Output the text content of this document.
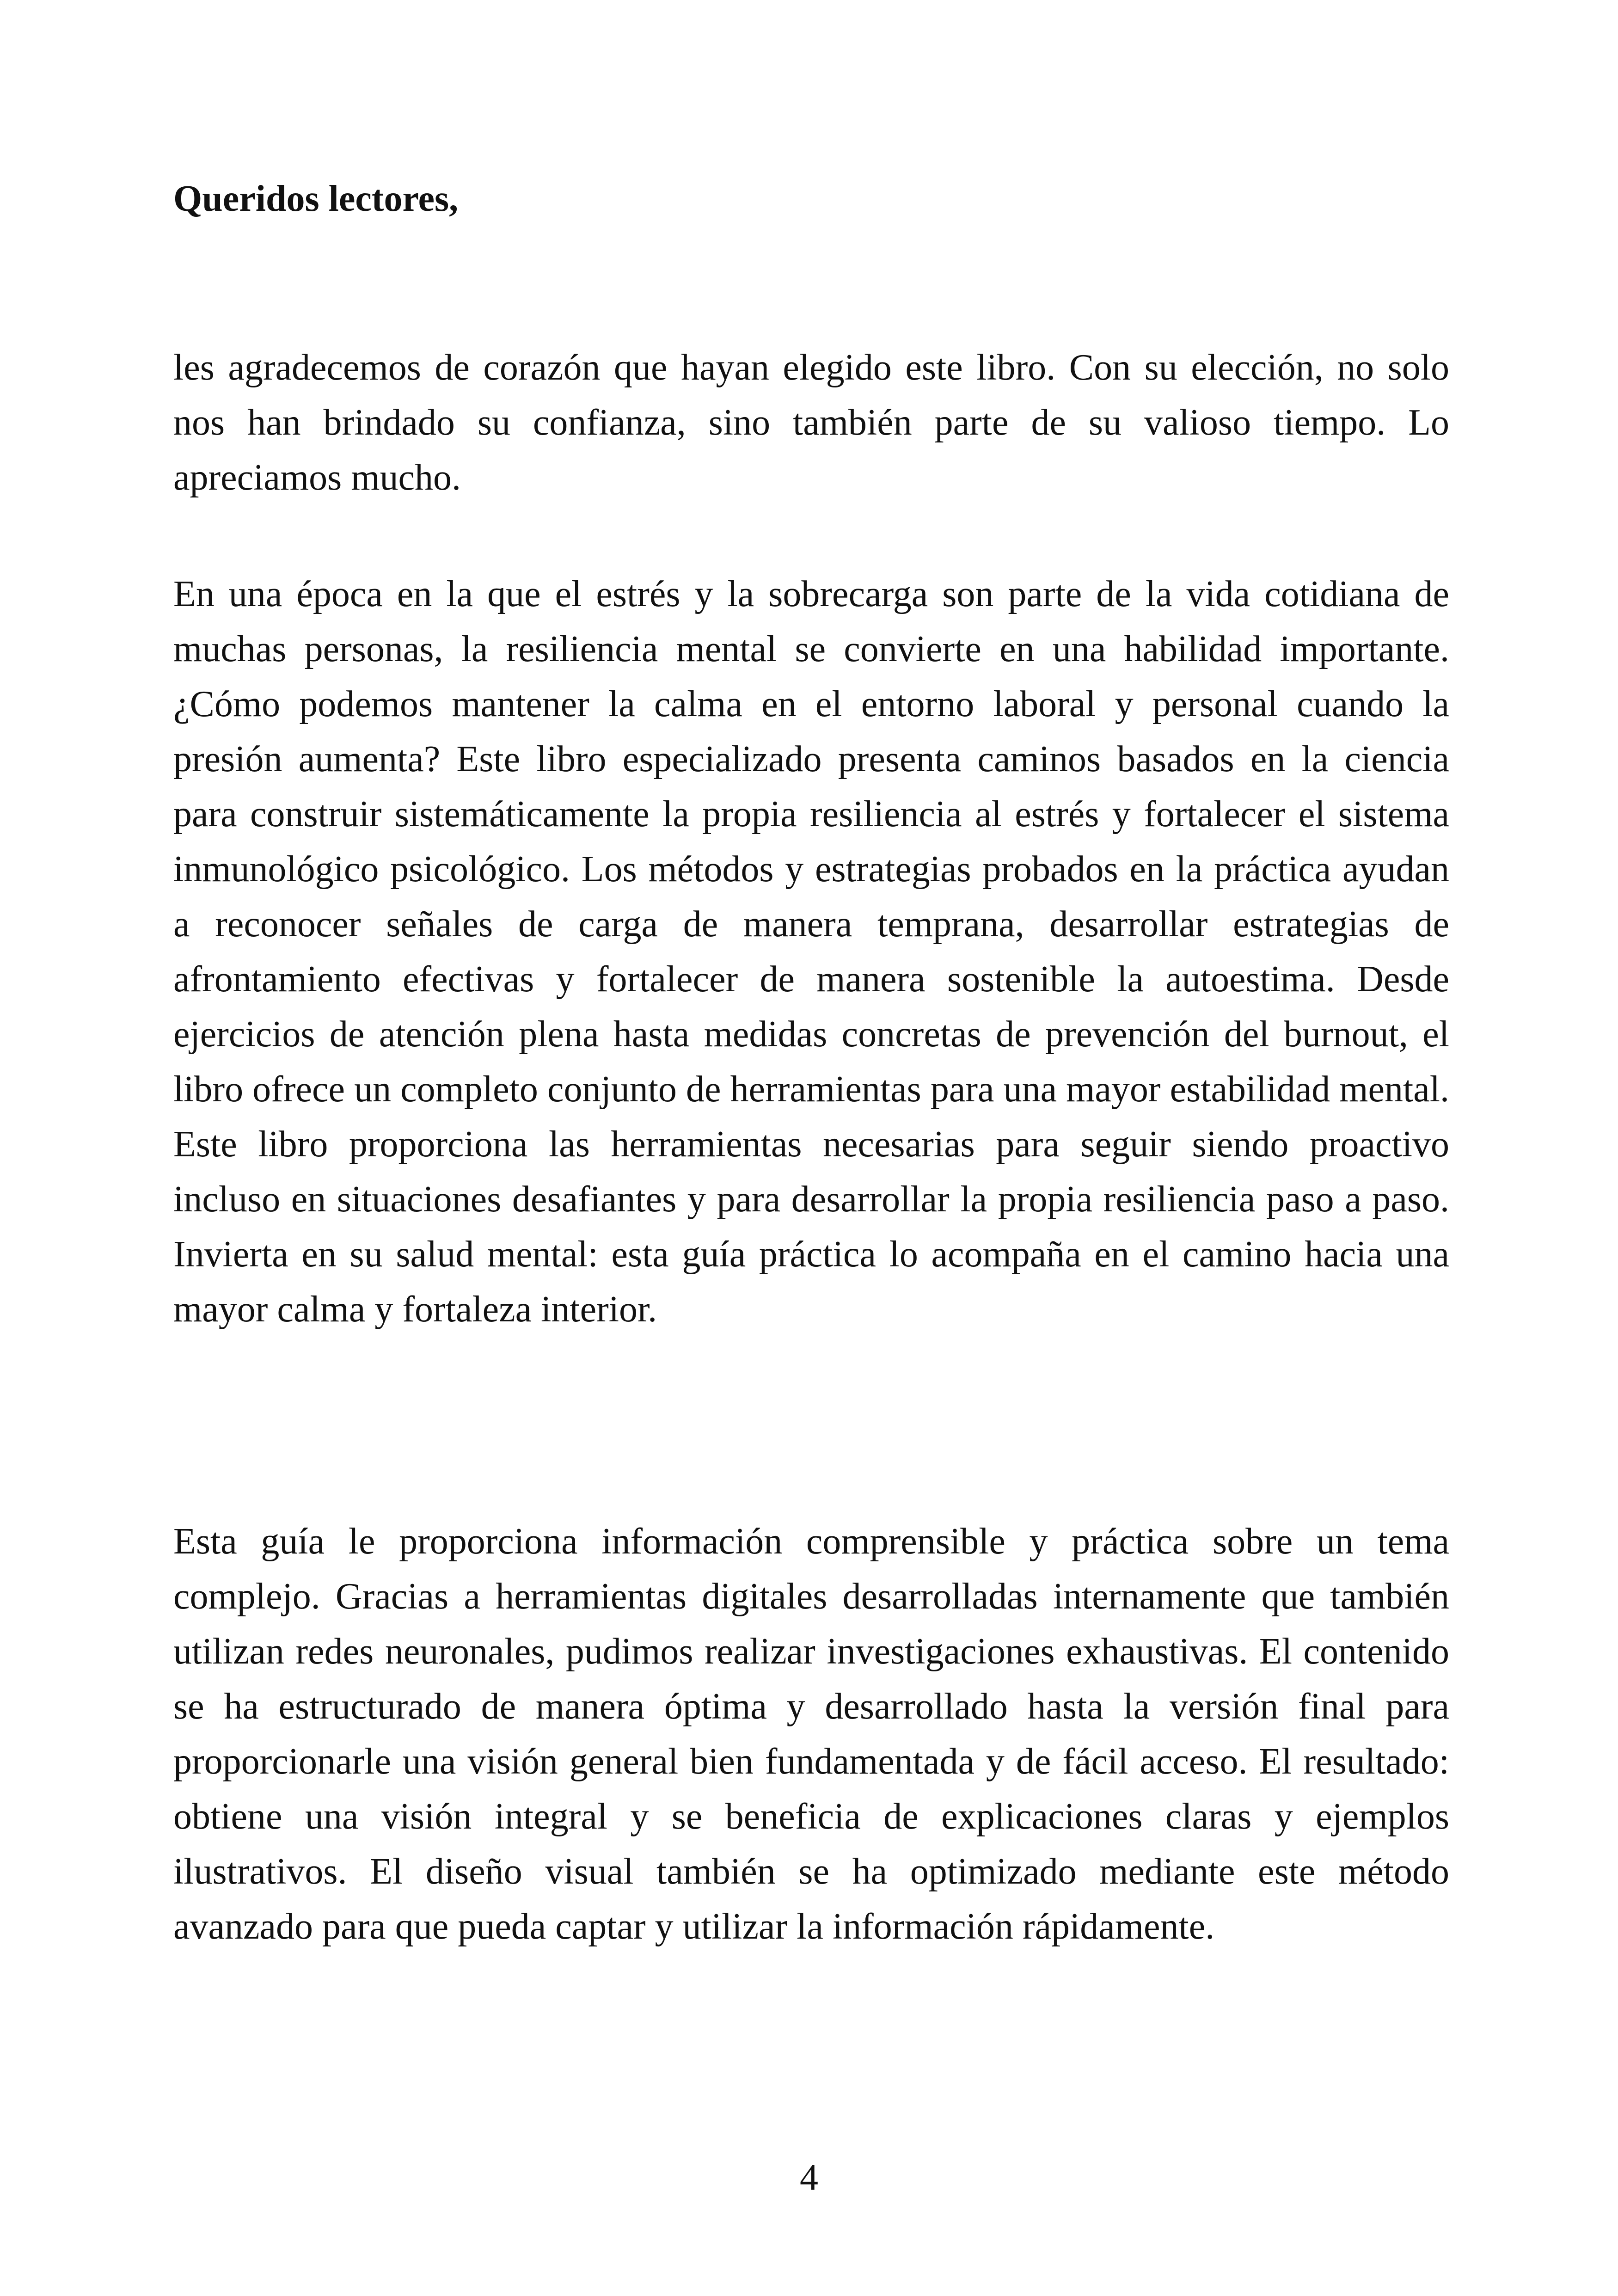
Queridos lectores,

les agradecemos de corazón que hayan elegido este libro. Con su elección, no solo nos han brindado su confianza, sino también parte de su valioso tiempo. Lo apreciamos mucho.

En una época en la que el estrés y la sobrecarga son parte de la vida cotidiana de muchas personas, la resiliencia mental se convierte en una habilidad importante. ¿Cómo podemos mantener la calma en el entorno laboral y personal cuando la presión aumenta? Este libro especializado presenta caminos basados en la ciencia para construir sistemáticamente la propia resiliencia al estrés y fortalecer el sistema inmunológico psicológico. Los métodos y estrategias probados en la práctica ayudan a reconocer señales de carga de manera temprana, desarrollar estrategias de afrontamiento efectivas y fortalecer de manera sostenible la autoestima. Desde ejercicios de atención plena hasta medidas concretas de prevención del burnout, el libro ofrece un completo conjunto de herramientas para una mayor estabilidad mental. Este libro proporciona las herramientas necesarias para seguir siendo proactivo incluso en situaciones desafiantes y para desarrollar la propia resiliencia paso a paso. Invierta en su salud mental: esta guía práctica lo acompaña en el camino hacia una mayor calma y fortaleza interior.

Esta guía le proporciona información comprensible y práctica sobre un tema complejo. Gracias a herramientas digitales desarrolladas internamente que también utilizan redes neuronales, pudimos realizar investigaciones exhaustivas. El contenido se ha estructurado de manera óptima y desarrollado hasta la versión final para proporcionarle una visión general bien fundamentada y de fácil acceso. El resultado: obtiene una visión integral y se beneficia de explicaciones claras y ejemplos ilustrativos. El diseño visual también se ha optimizado mediante este método avanzado para que pueda captar y utilizar la información rápidamente.

4
